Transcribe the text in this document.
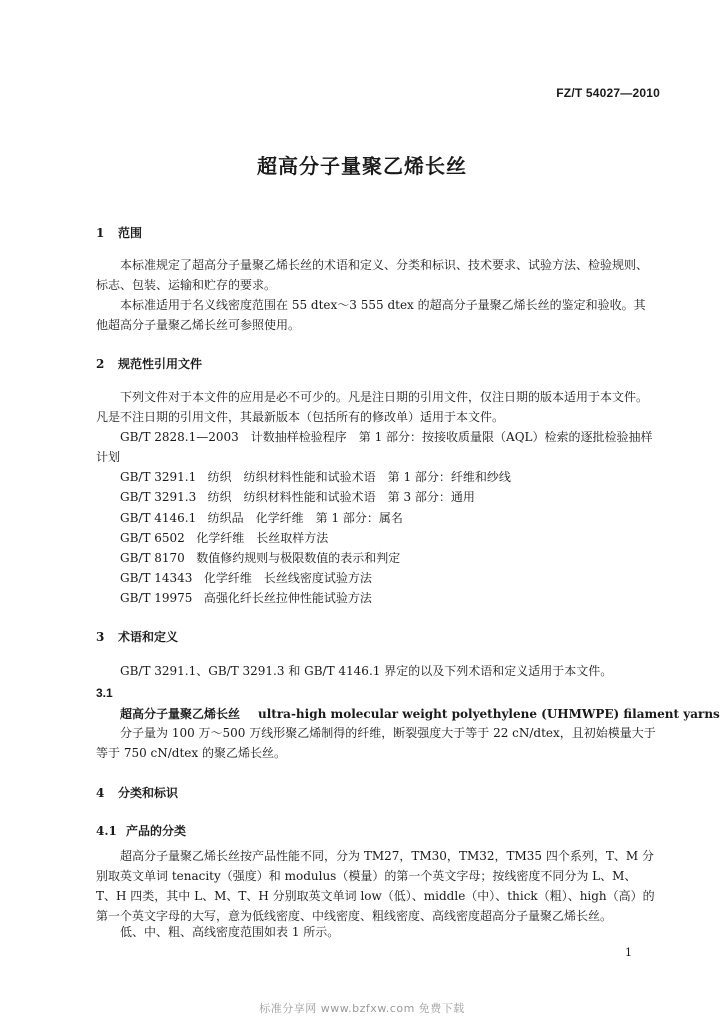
FZ/T 54027—2010
超高分子量聚乙烯长丝
1 范围
本标准规定了超高分子量聚乙烯长丝的术语和定义、分类和标识、技术要求、试验方法、检验规则、标志、包装、运输和贮存的要求。
本标准适用于名义线密度范围在 55 dtex～3 555 dtex 的超高分子量聚乙烯长丝的鉴定和验收。其他超高分子量聚乙烯长丝可参照使用。
2 规范性引用文件
下列文件对于本文件的应用是必不可少的。凡是注日期的引用文件，仅注日期的版本适用于本文件。凡是不注日期的引用文件，其最新版本（包括所有的修改单）适用于本文件。
GB/T 2828.1—2003　计数抽样检验程序　第 1 部分：按接收质量限（AQL）检索的逐批检验抽样计划
GB/T 3291.1 纺织　纺织材料性能和试验术语　第 1 部分：纤维和纱线
GB/T 3291.3 纺织　纺织材料性能和试验术语　第 3 部分：通用
GB/T 4146.1 纺织品　化学纤维　第 1 部分：属名
GB/T 6502 化学纤维　长丝取样方法
GB/T 8170 数值修约规则与极限数值的表示和判定
GB/T 14343 化学纤维　长丝线密度试验方法
GB/T 19975 高强化纤长丝拉伸性能试验方法
3 术语和定义
GB/T 3291.1、GB/T 3291.3 和 GB/T 4146.1 界定的以及下列术语和定义适用于本文件。
3.1
超高分子量聚乙烯长丝 ultra-high molecular weight polyethylene (UHMWPE) filament yarns
分子量为 100 万～500 万线形聚乙烯制得的纤维，断裂强度大于等于 22 cN/dtex，且初始模量大于等于 750 cN/dtex 的聚乙烯长丝。
4 分类和标识
4.1 产品的分类
超高分子量聚乙烯长丝按产品性能不同，分为 TM27，TM30，TM32，TM35 四个系列，T、M 分别取英文单词 tenacity（强度）和 modulus（模量）的第一个英文字母；按线密度不同分为 L、M、T、H 四类，其中 L、M、T、H 分别取英文单词 low（低）、middle（中）、thick（粗）、high（高）的第一个英文字母的大写，意为低线密度、中线密度、粗线密度、高线密度超高分子量聚乙烯长丝。
低、中、粗、高线密度范围如表 1 所示。
1
标准分享网 www.bzfxw.com 免费下载
